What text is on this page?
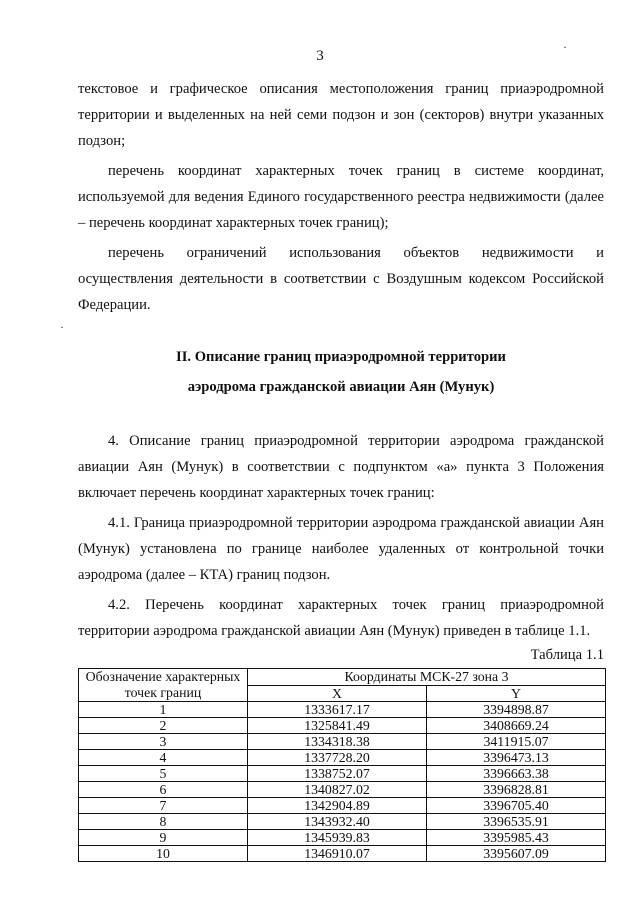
3
·
·

текстовое и графическое описания местоположения границ приаэродромной территории и выделенных на ней семи подзон и зон (секторов) внутри указанных подзон;

перечень координат характерных точек границ в системе координат, используемой для ведения Единого государственного реестра недвижимости (далее – перечень координат характерных точек границ);

перечень ограничений использования объектов недвижимости и осуществления деятельности в соответствии с Воздушным кодексом Российской Федерации.

II. Описание границ приаэродромной территории
аэродрома гражданской авиации Аян (Мунук)

4. Описание границ приаэродромной территории аэродрома гражданской авиации Аян (Мунук) в соответствии с подпунктом «а» пункта 3 Положения включает перечень координат характерных точек границ:

4.1. Граница приаэродромной территории аэродрома гражданской авиации Аян (Мунук) установлена по границе наиболее удаленных от контрольной точки аэродрома (далее – КТА) границ подзон.

4.2. Перечень координат характерных точек границ приаэродромной территории аэродрома гражданской авиации Аян (Мунук) приведен в таблице 1.1.

Таблица 1.1
Обозначение характерных точек границ	Координаты МСК-27 зона 3	
	X	Y
1	1333617.17	3394898.87
2	1325841.49	3408669.24
3	1334318.38	3411915.07
4	1337728.20	3396473.13
5	1338752.07	3396663.38
6	1340827.02	3396828.81
7	1342904.89	3396705.40
8	1343932.40	3396535.91
9	1345939.83	3395985.43
10	1346910.07	3395607.09
